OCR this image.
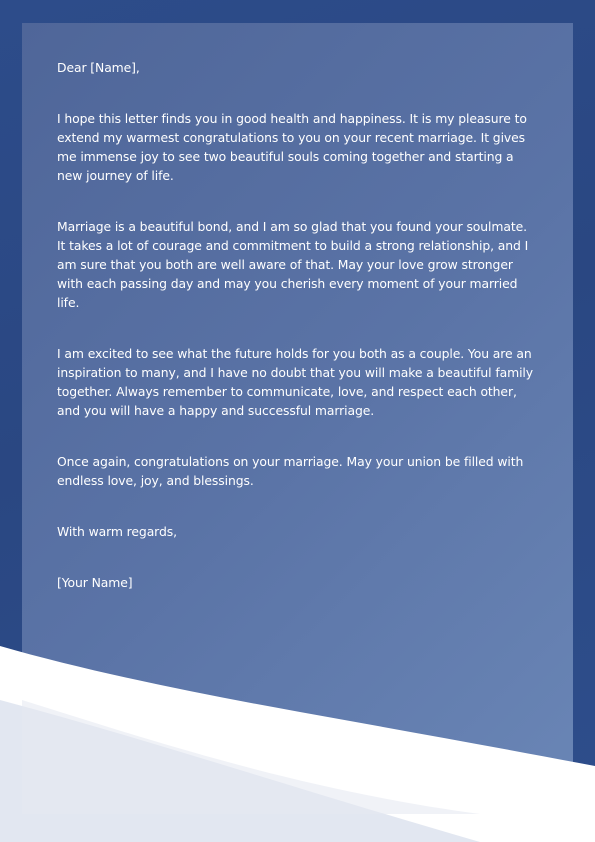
Dear [Name],

I hope this letter finds you in good health and happiness. It is my pleasure to extend my warmest congratulations to you on your recent marriage. It gives me immense joy to see two beautiful souls coming together and starting a new journey of life.

Marriage is a beautiful bond, and I am so glad that you found your soulmate. It takes a lot of courage and commitment to build a strong relationship, and I am sure that you both are well aware of that. May your love grow stronger with each passing day and may you cherish every moment of your married life.

I am excited to see what the future holds for you both as a couple. You are an inspiration to many, and I have no doubt that you will make a beautiful family together. Always remember to communicate, love, and respect each other, and you will have a happy and successful marriage.

Once again, congratulations on your marriage. May your union be filled with endless love, joy, and blessings.

With warm regards,

[Your Name]
